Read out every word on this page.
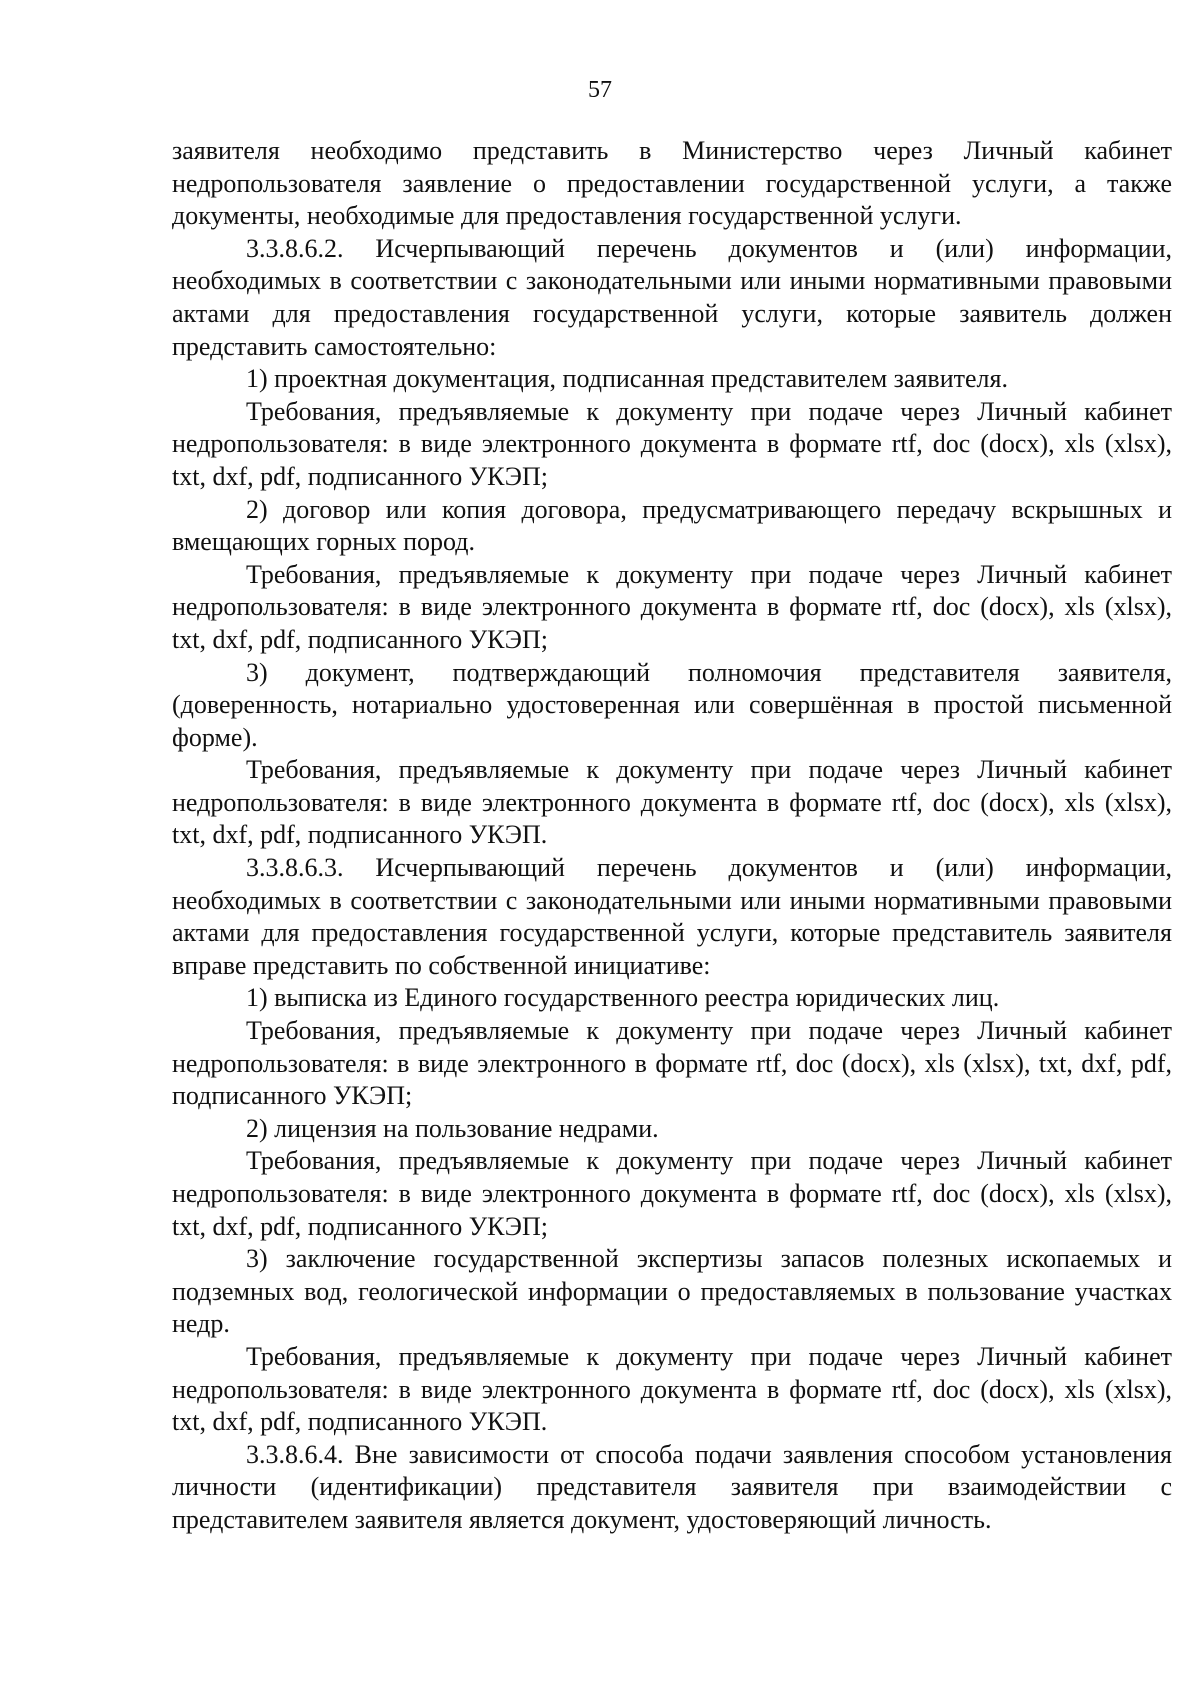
57

заявителя необходимо представить в Министерство через Личный кабинет недропользователя заявление о предоставлении государственной услуги, а также документы, необходимые для предоставления государственной услуги.

3.3.8.6.2. Исчерпывающий перечень документов и (или) информации, необходимых в соответствии с законодательными или иными нормативными правовыми актами для предоставления государственной услуги, которые заявитель должен представить самостоятельно:

1) проектная документация, подписанная представителем заявителя.

Требования, предъявляемые к документу при подаче через Личный кабинет недропользователя: в виде электронного документа в формате rtf, doc (docx), xls (xlsx), txt, dxf, pdf, подписанного УКЭП;

2) договор или копия договора, предусматривающего передачу вскрышных и вмещающих горных пород.

Требования, предъявляемые к документу при подаче через Личный кабинет недропользователя: в виде электронного документа в формате rtf, doc (docx), xls (xlsx), txt, dxf, pdf, подписанного УКЭП;

3) документ, подтверждающий полномочия представителя заявителя, (доверенность, нотариально удостоверенная или совершённая в простой письменной форме).

Требования, предъявляемые к документу при подаче через Личный кабинет недропользователя: в виде электронного документа в формате rtf, doc (docx), xls (xlsx), txt, dxf, pdf, подписанного УКЭП.

3.3.8.6.3. Исчерпывающий перечень документов и (или) информации, необходимых в соответствии с законодательными или иными нормативными правовыми актами для предоставления государственной услуги, которые представитель заявителя вправе представить по собственной инициативе:

1) выписка из Единого государственного реестра юридических лиц.

Требования, предъявляемые к документу при подаче через Личный кабинет недропользователя: в виде электронного в формате rtf, doc (docx), xls (xlsx), txt, dxf, pdf, подписанного УКЭП;

2) лицензия на пользование недрами.

Требования, предъявляемые к документу при подаче через Личный кабинет недропользователя: в виде электронного документа в формате rtf, doc (docx), xls (xlsx), txt, dxf, pdf, подписанного УКЭП;

3) заключение государственной экспертизы запасов полезных ископаемых и подземных вод, геологической информации о предоставляемых в пользование участках недр.

Требования, предъявляемые к документу при подаче через Личный кабинет недропользователя: в виде электронного документа в формате rtf, doc (docx), xls (xlsx), txt, dxf, pdf, подписанного УКЭП.

3.3.8.6.4. Вне зависимости от способа подачи заявления способом установления личности (идентификации) представителя заявителя при взаимодействии с представителем заявителя является документ, удостоверяющий личность.
